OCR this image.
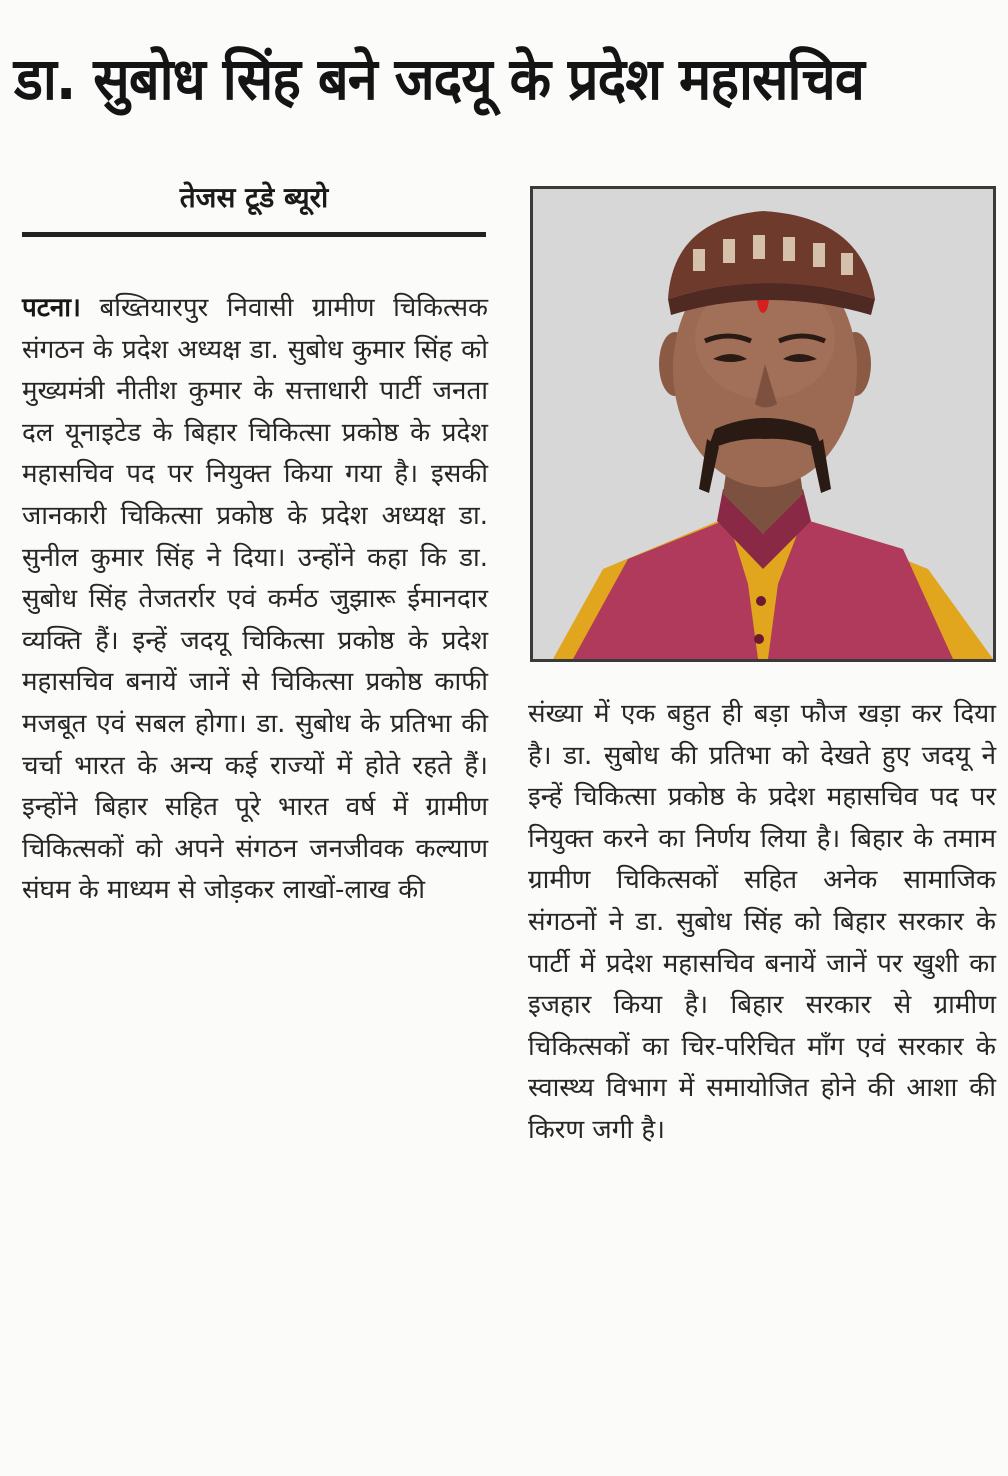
डा. सुबोध सिंह बने जदयू के प्रदेश महासचिव
तेजस टूडे ब्यूरो

पटना। बख्तियारपुर निवासी ग्रामीण चिकित्सक संगठन के प्रदेश अध्यक्ष डा. सुबोध कुमार सिंह को मुख्यमंत्री नीतीश कुमार के सत्ताधारी पार्टी जनता दल यूनाइटेड के बिहार चिकित्सा प्रकोष्ठ के प्रदेश महासचिव पद पर नियुक्त किया गया है। इसकी जानकारी चिकित्सा प्रकोष्ठ के प्रदेश अध्यक्ष डा. सुनील कुमार सिंह ने दिया। उन्होंने कहा कि डा. सुबोध सिंह तेजतर्रार एवं कर्मठ जुझारू ईमानदार व्यक्ति हैं। इन्हें जदयू चिकित्सा प्रकोष्ठ के प्रदेश महासचिव बनायें जानें से चिकित्सा प्रकोष्ठ काफी मजबूत एवं सबल होगा। डा. सुबोध के प्रतिभा की चर्चा भारत के अन्य कई राज्यों में होते रहते हैं।इन्होंने बिहार सहित पूरे भारत वर्ष में ग्रामीण चिकित्सकों को अपने संगठन जनजीवक कल्याण संघम के माध्यम से जोड़कर लाखों-लाख की

संख्या में एक बहुत ही बड़ा फौज खड़ा कर दिया है। डा. सुबोध की प्रतिभा को देखते हुए जदयू ने इन्हें चिकित्सा प्रकोष्ठ के प्रदेश महासचिव पद पर नियुक्त करने का निर्णय लिया है। बिहार के तमाम ग्रामीण चिकित्सकों सहित अनेक सामाजिक संगठनों ने डा. सुबोध सिंह को बिहार सरकार के पार्टी में प्रदेश महासचिव बनायें जानें पर खुशी का इजहार किया है। बिहार सरकार से ग्रामीण चिकित्सकों का चिर-परिचित माँग एवं सरकार के स्वास्थ्य विभाग में समायोजित होने की आशा की किरण जगी है।
